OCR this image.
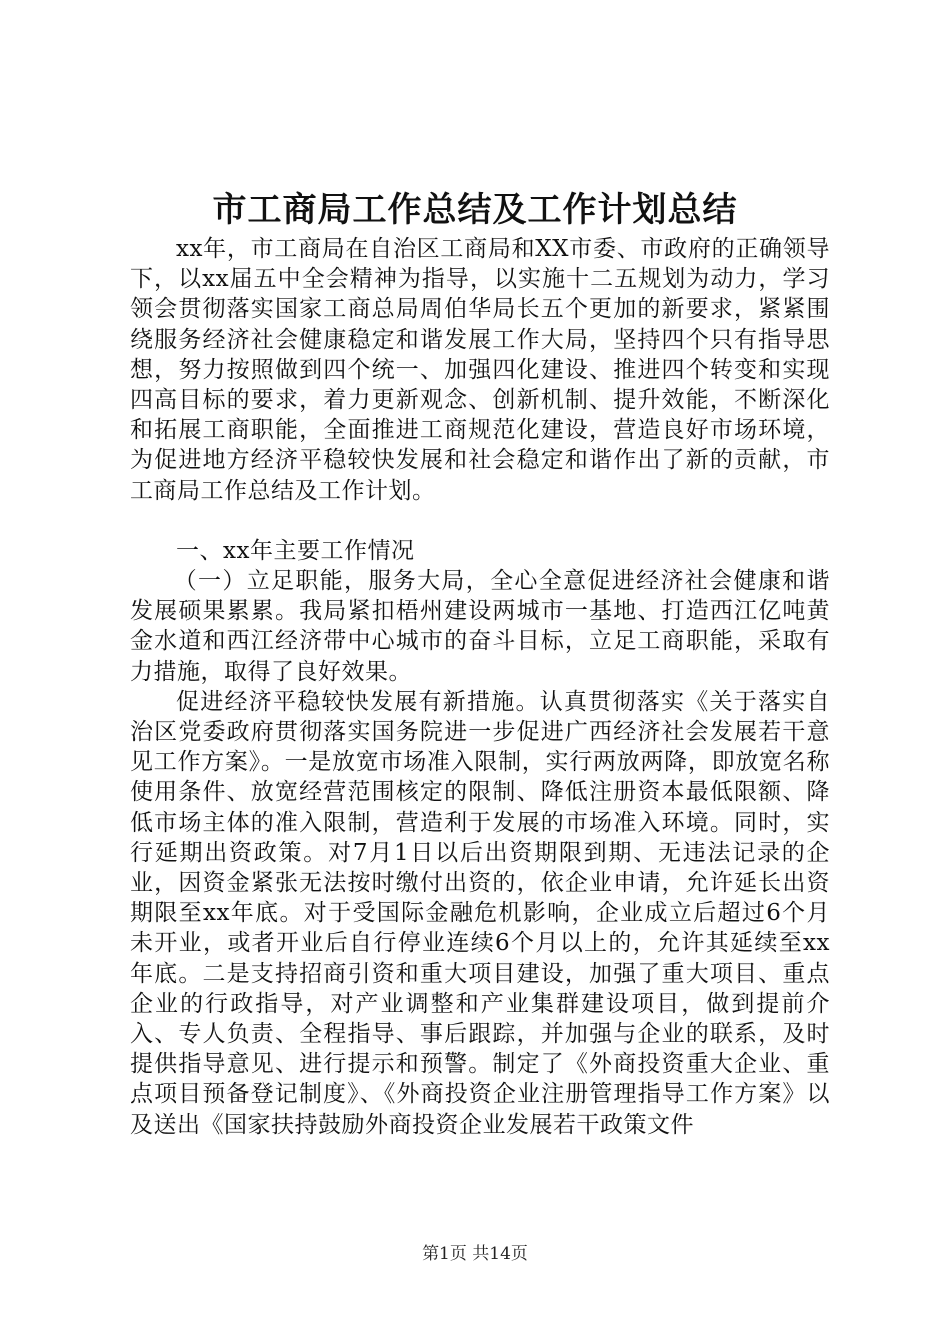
市工商局工作总结及工作计划总结

xx年，市工商局在自治区工商局和XX市委、市政府的正确领导下，以xx届五中全会精神为指导，以实施十二五规划为动力，学习领会贯彻落实国家工商总局周伯华局长五个更加的新要求，紧紧围绕服务经济社会健康稳定和谐发展工作大局，坚持四个只有指导思想，努力按照做到四个统一、加强四化建设、推进四个转变和实现四高目标的要求，着力更新观念、创新机制、提升效能，不断深化和拓展工商职能，全面推进工商规范化建设，营造良好市场环境，为促进地方经济平稳较快发展和社会稳定和谐作出了新的贡献，市工商局工作总结及工作计划。

一、xx年主要工作情况

（一）立足职能，服务大局，全心全意促进经济社会健康和谐发展硕果累累。我局紧扣梧州建设两城市一基地、打造西江亿吨黄金水道和西江经济带中心城市的奋斗目标，立足工商职能，采取有力措施，取得了良好效果。

促进经济平稳较快发展有新措施。认真贯彻落实《关于落实自治区党委政府贯彻落实国务院进一步促进广西经济社会发展若干意见工作方案》。一是放宽市场准入限制，实行两放两降，即放宽名称使用条件、放宽经营范围核定的限制、降低注册资本最低限额、降低市场主体的准入限制，营造利于发展的市场准入环境。同时，实行延期出资政策。对7月1日以后出资期限到期、无违法记录的企业，因资金紧张无法按时缴付出资的，依企业申请，允许延长出资期限至xx年底。对于受国际金融危机影响，企业成立后超过6个月未开业，或者开业后自行停业连续6个月以上的，允许其延续至xx年底。二是支持招商引资和重大项目建设，加强了重大项目、重点企业的行政指导，对产业调整和产业集群建设项目，做到提前介入、专人负责、全程指导、事后跟踪，并加强与企业的联系，及时提供指导意见、进行提示和预警。制定了《外商投资重大企业、重点项目预备登记制度》、《外商投资企业注册管理指导工作方案》以及送出《国家扶持鼓励外商投资企业发展若干政策文件

第1页 共14页
